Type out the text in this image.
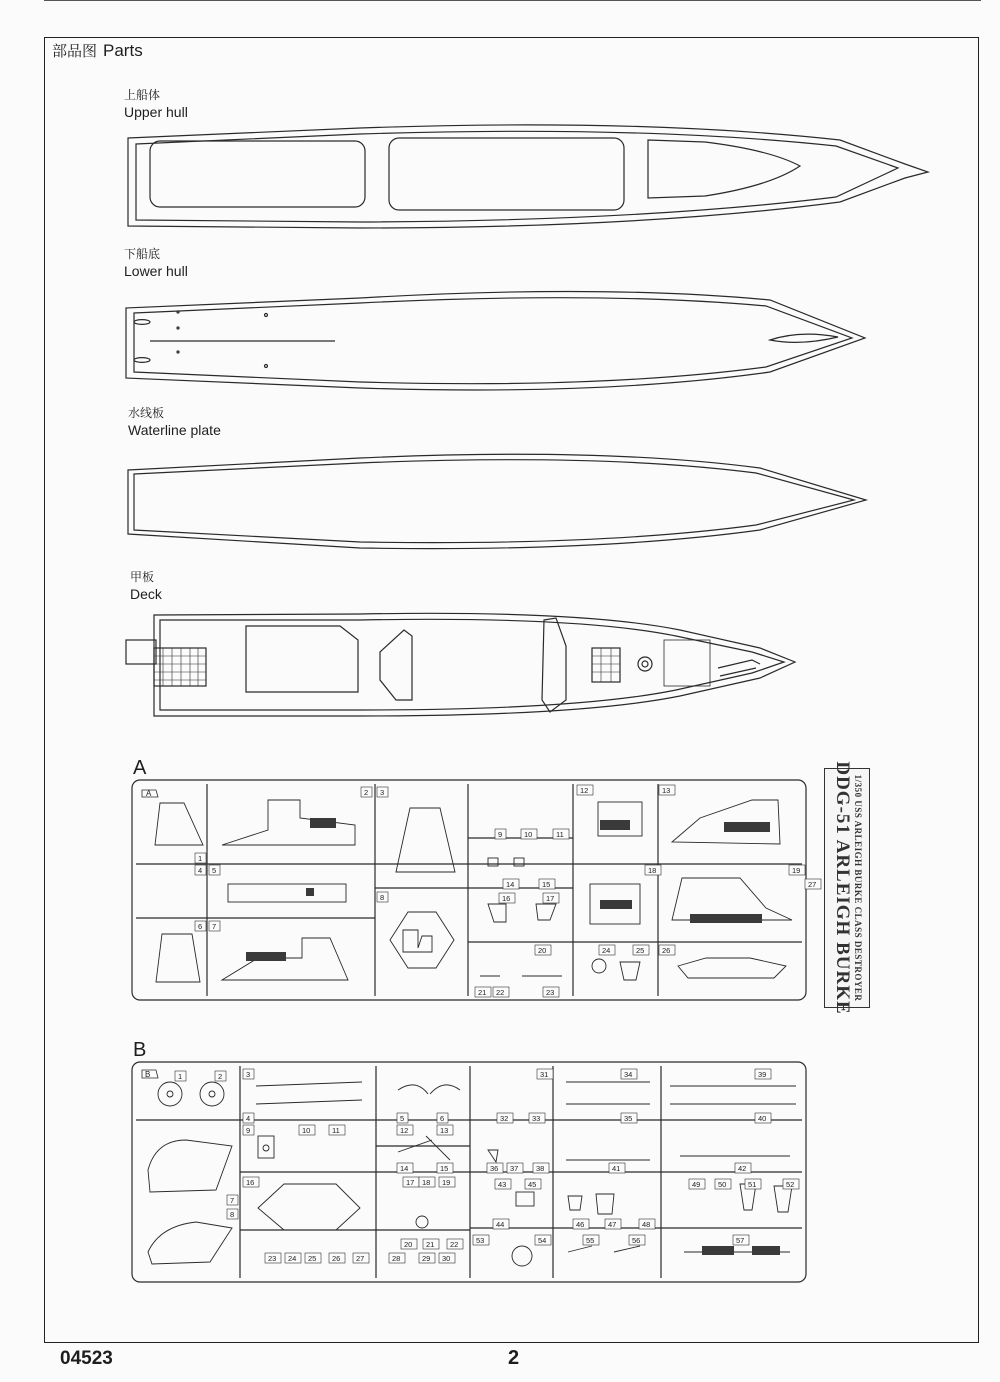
部品图 Parts
上船体
Upper hull
下船底
Lower hull
水线板
Waterline plate
甲板
Deck
A
B
1
2 3
4 5
6 7
8
9	10	11
12	13
14	15
16	17
18	19
20
21 22	23
24	25 26
27
1	2	3
4	5	6
7
8
9	10	11	12	13
14	15
16	17 18 19
20 21 22
23 24 25 26 27	28	29 30
31
32	33
34
35
36 37 38
39
40
41	42
43
44
45
46	47	48
49 50	51	52
53	54	55	56	57
A
B
1/350 USS ARLEIGH BURKE CLASS DESTROYER
DDG-51 ARLEIGH BURKE
04523	2
